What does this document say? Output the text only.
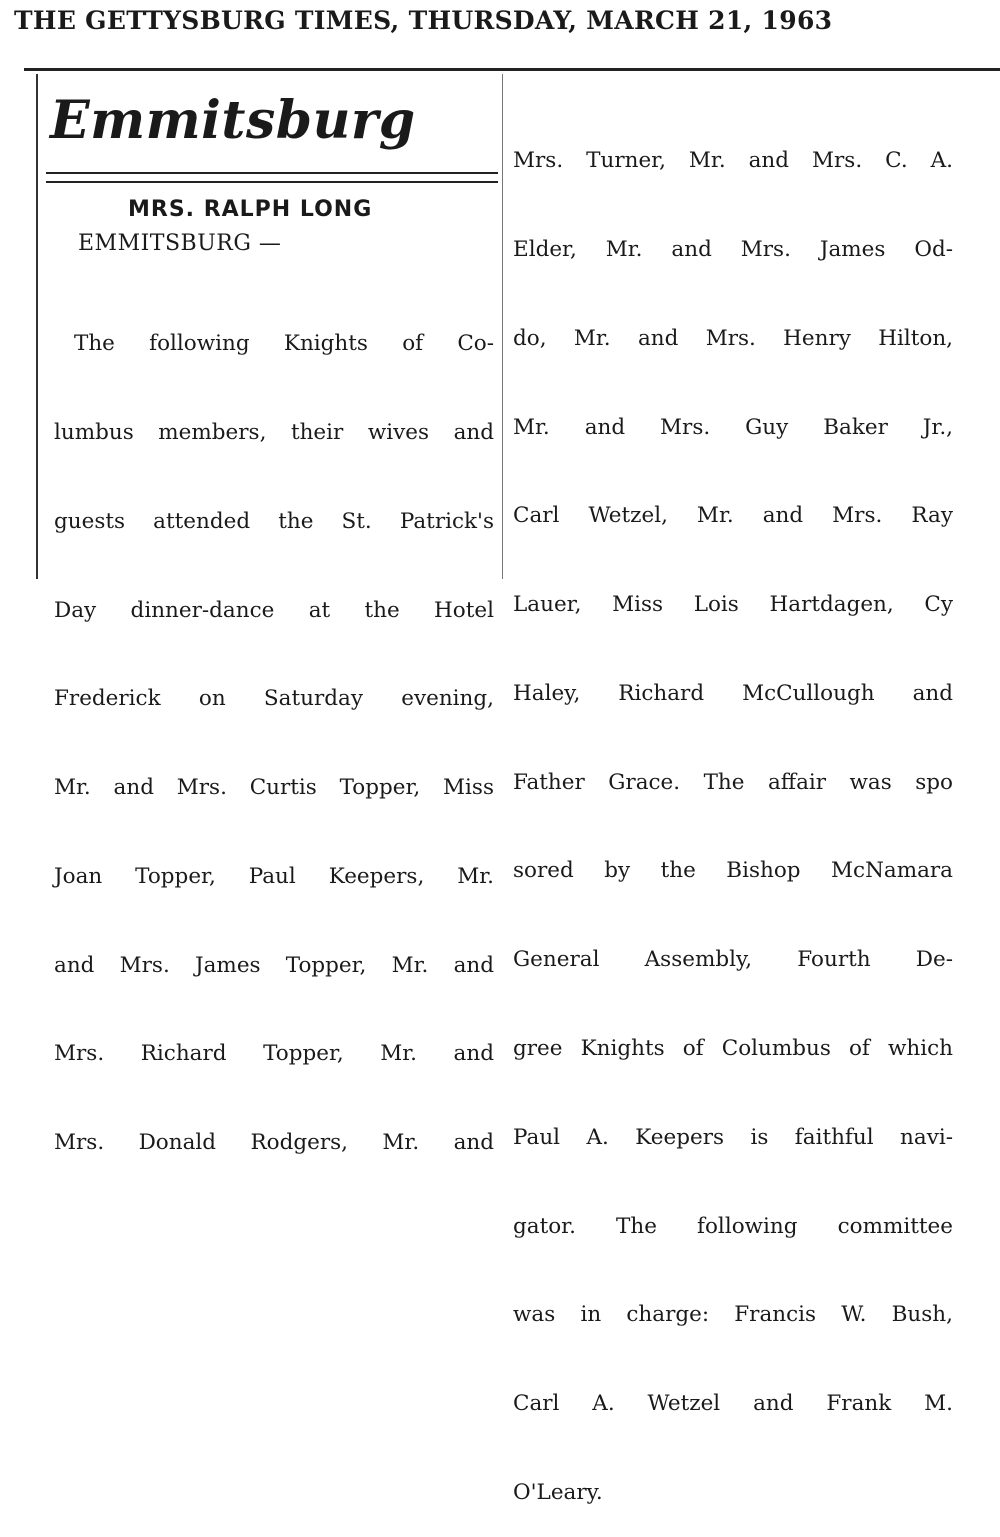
THE GETTYSBURG TIMES, THURSDAY, MARCH 21, 1963
Emmitsburg
MRS. RALPH LONG
EMMITSBURG —

The following Knights of Co-

lumbus members, their wives and

guests attended the St. Patrick's

Day dinner-dance at the Hotel

Frederick on Saturday evening,

Mr. and Mrs. Curtis Topper, Miss

Joan Topper, Paul Keepers, Mr.

and Mrs. James Topper, Mr. and

Mrs. Richard Topper, Mr. and

Mrs. Donald Rodgers, Mr. and

Mrs. Turner, Mr. and Mrs. C. A.

Elder, Mr. and Mrs. James Od-

do, Mr. and Mrs. Henry Hilton,

Mr. and Mrs. Guy Baker Jr.,

Carl Wetzel, Mr. and Mrs. Ray

Lauer, Miss Lois Hartdagen, Cy

Haley, Richard McCullough and

Father Grace. The affair was spo

sored by the Bishop McNamara

General Assembly, Fourth De-

gree Knights of Columbus of which

Paul A. Keepers is faithful navi-

gator. The following committee

was in charge: Francis W. Bush,

Carl A. Wetzel and Frank M.

O'Leary.
